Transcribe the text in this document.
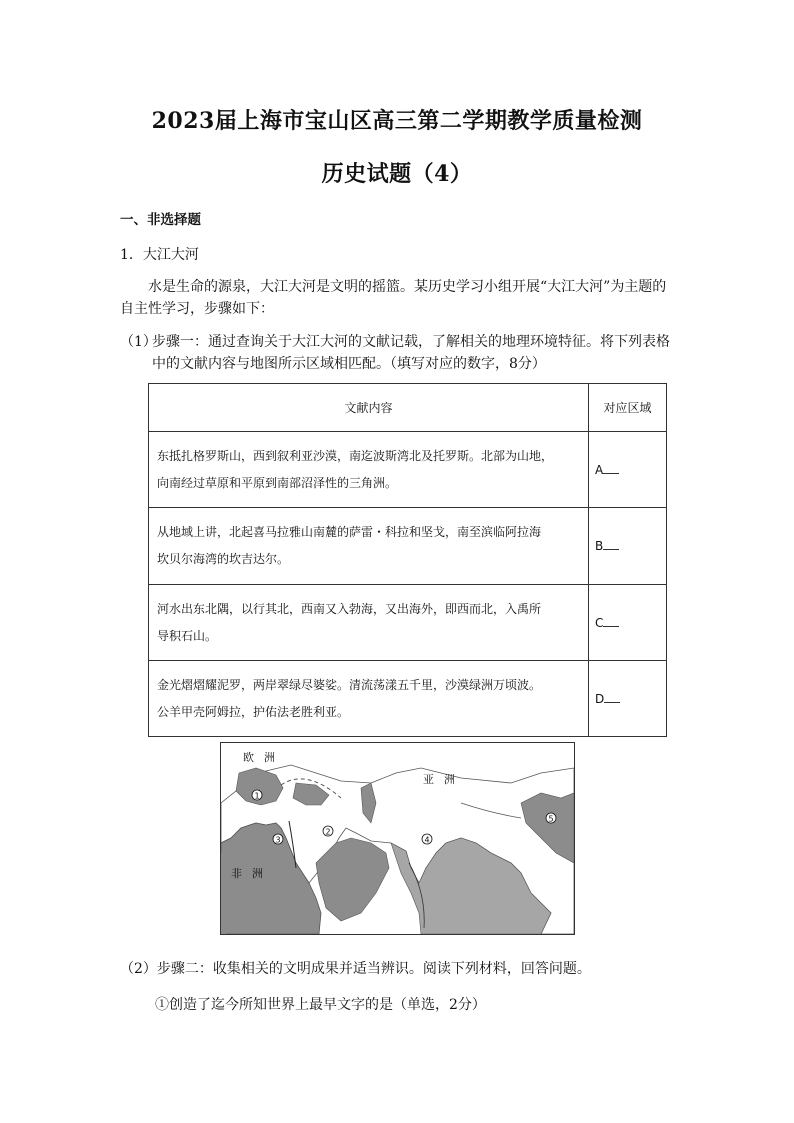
2023届上海市宝山区高三第二学期教学质量检测
历史试题（4）
一、非选择题
1．大江大河

水是生命的源泉，大江大河是文明的摇篮。某历史学习小组开展“大江大河”为主题的自主性学习，步骤如下：

（1）
步骤一：通过查询关于大江大河的文献记载，了解相关的地理环境特征。将下列表格中的文献内容与地图所示区域相匹配。（填写对应的数字，8分）
文献内容	对应区域

东抵扎格罗斯山，西到叙利亚沙漠，南迄波斯湾北及托罗斯。北部为山地，
向南经过草原和平原到南部沼泽性的三角洲。	A

从地域上讲，北起喜马拉雅山南麓的萨雷・科拉和坚戈，南至滨临阿拉海
坎贝尔海湾的坎吉达尔。	B

河水出东北隅，以行其北，西南又入勃海，又出海外，即西而北，入禹所
导积石山。	C

金光熠熠耀泥罗，两岸翠绿尽婆娑。清流荡漾五千里，沙漠绿洲万顷波。
公羊甲壳阿姆拉，护佑法老胜利亚。	D
1
2
3	4
5
欧洲
亚洲
非洲
（2）步骤二：收集相关的文明成果并适当辨识。阅读下列材料，回答问题。
①创造了迄今所知世界上最早文字的是（单选，2分）
